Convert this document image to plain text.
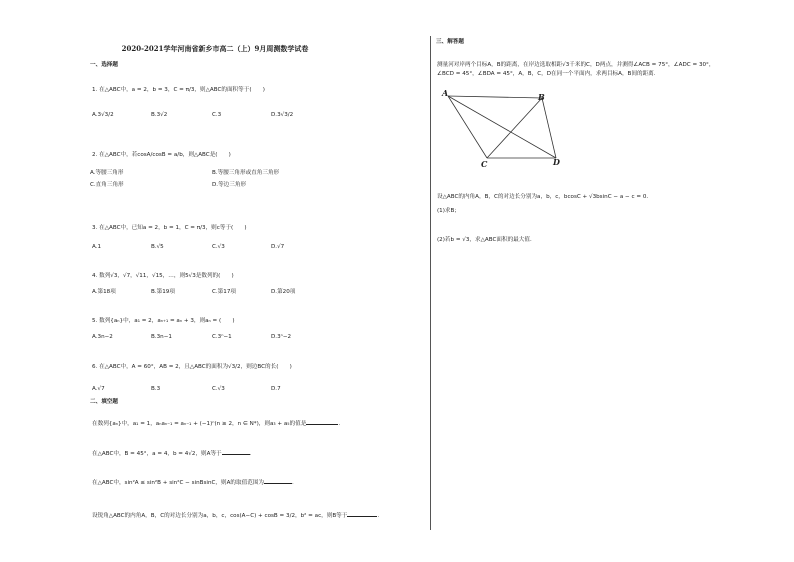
2020-2021学年河南省新乡市高二（上）9月周测数学试卷
一、选择题
1. 在△ABC中，a = 2，b = 3，C = π/3，则△ABC的面积等于(　　)
A.3√3/2	B.3√2	C.3	D.3√3/2
2. 在△ABC中，若cosA/cosB = a/b，则△ABC是(　　)
A.等腰三角形	B.等腰三角形或直角三角形
C.直角三角形	D.等边三角形
3. 在△ABC中，已知a = 2，b = 1，C = π/3，则c等于(　　)
A.1	B.√5	C.√3	D.√7
4. 数列√3，√7，√11，√15，…，则5√3是数列的(　　)
A.第18项	B.第19项	C.第17项	D.第20项
5. 数列{aₙ}中，a₁ = 2，aₙ₊₁ = aₙ + 3，则aₙ = (　　)
A.3n−2	B.3n−1	C.3ⁿ−1	D.3ⁿ−2
6. 在△ABC中，A = 60°，AB = 2，且△ABC的面积为√3/2，则边BC的长(　　)
A.√7	B.3	C.√3	D.7
二、填空题
在数列{aₙ}中，a₁ = 1，aₙaₙ₋₁ = aₙ₋₁ + (−1)ⁿ(n ≥ 2，n ∈ N*)，则a₃ + a₅的值是	.
在△ABC中，B = 45°，a = 4，b = 4√2，则A等于	.
在△ABC中，sin²A ≤ sin²B + sin²C − sinBsinC，则A的取值范围为	.
设锐角△ABC的内角A，B，C的对边长分别为a，b，c，cos(A−C) + cosB = 3/2，b² = ac，则B等于	.
三、解答题
测量河对岸两个目标A，B的距离，在岸边选取相距√3千米的C，D两点，并测得∠ACB = 75°，∠ADC = 30°，
∠BCD = 45°，∠BDA = 45°，A，B，C，D在同一个平面内，求两目标A，B间的距离.
A	B
C	D
设△ABC的内角A，B，C的对边长分别为a，b，c，bcosC + √3bsinC − a − c = 0．
(1)求B；
(2)若b = √3，求△ABC面积的最大值．
